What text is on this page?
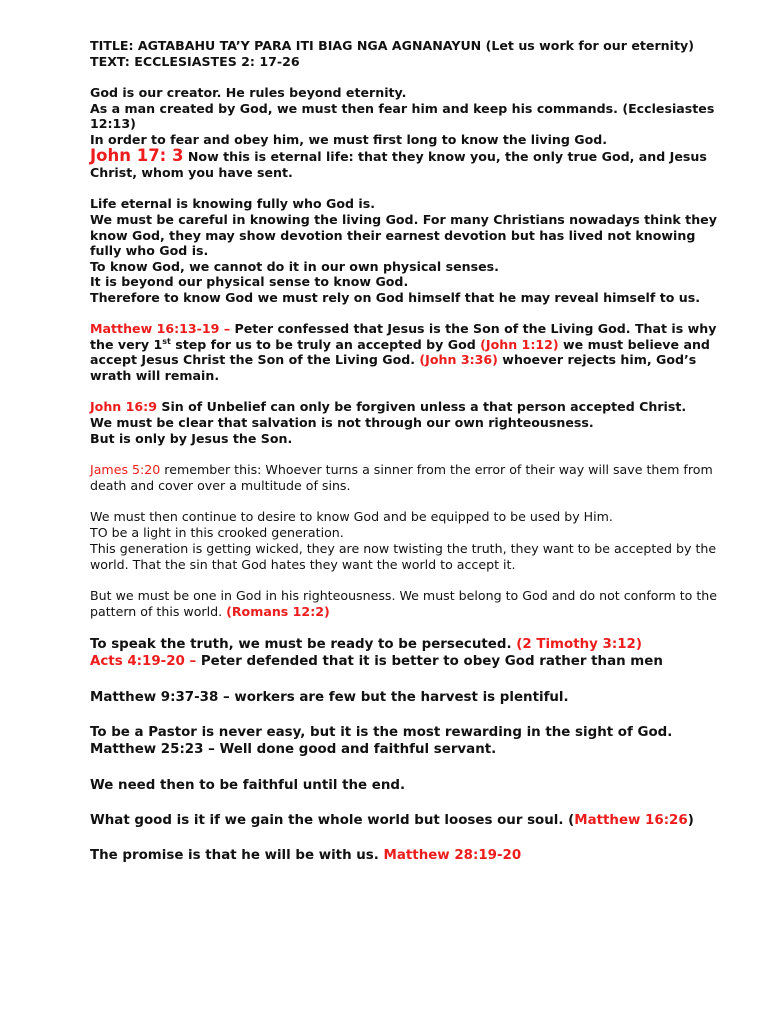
TITLE: AGTABAHU TA’Y PARA ITI BIAG NGA AGNANAYUN (Let us work for our eternity)

TEXT: ECCLESIASTES 2: 17-26

God is our creator. He rules beyond eternity.

As a man created by God, we must then fear him and keep his commands. (Ecclesiastes 12:13)

In order to fear and obey him, we must first long to know the living God.

John 17: 3 Now this is eternal life: that they know you, the only true God, and Jesus Christ, whom you have sent.

Life eternal is knowing fully who God is.

We must be careful in knowing the living God. For many Christians nowadays think they know God, they may show devotion their earnest devotion but has lived not knowing fully who God is.

To know God, we cannot do it in our own physical senses.

It is beyond our physical sense to know God.

Therefore to know God we must rely on God himself that he may reveal himself to us.

Matthew 16:13-19 – Peter confessed that Jesus is the Son of the Living God. That is why the very 1st step for us to be truly an accepted by God (John 1:12) we must believe and accept Jesus Christ the Son of the Living God. (John 3:36) whoever rejects him, God’s wrath will remain.

John 16:9 Sin of Unbelief can only be forgiven unless a that person accepted Christ.

We must be clear that salvation is not through our own righteousness.

But is only by Jesus the Son.

James 5:20 remember this: Whoever turns a sinner from the error of their way will save them from death and cover over a multitude of sins.

We must then continue to desire to know God and be equipped to be used by Him.

TO be a light in this crooked generation.

This generation is getting wicked, they are now twisting the truth, they want to be accepted by the world. That the sin that God hates they want the world to accept it.

But we must be one in God in his righteousness. We must belong to God and do not conform to the pattern of this world. (Romans 12:2)

To speak the truth, we must be ready to be persecuted. (2 Timothy 3:12)

Acts 4:19-20 – Peter defended that it is better to obey God rather than men

Matthew 9:37-38 – workers are few but the harvest is plentiful.

To be a Pastor is never easy, but it is the most rewarding in the sight of God.

Matthew 25:23 – Well done good and faithful servant.

We need then to be faithful until the end.

What good is it if we gain the whole world but looses our soul. (Matthew 16:26)

The promise is that he will be with us. Matthew 28:19-20
